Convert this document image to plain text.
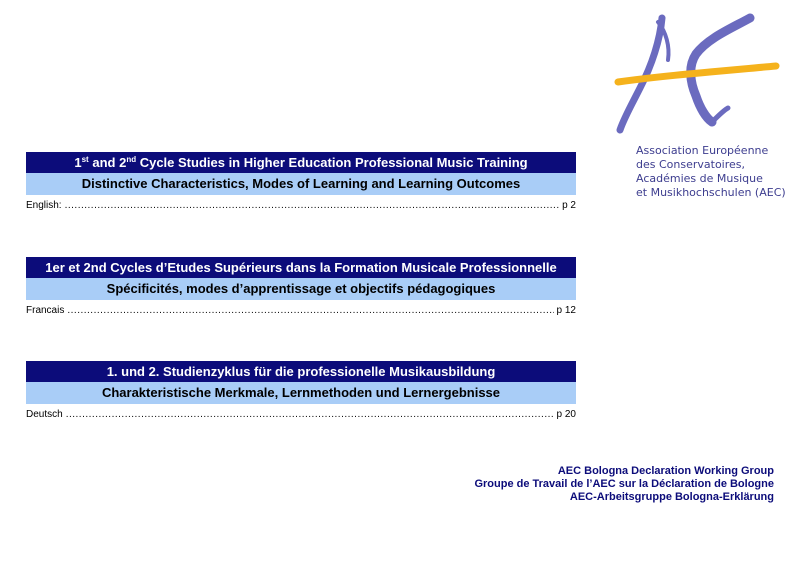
Association Européenne
des Conservatoires,
Académies de Musique
et Musikhochschulen (AEC)
1st and 2nd Cycle Studies in Higher Education Professional Music Training
Distinctive Characteristics, Modes of Learning and Learning Outcomes
English: .....	p 2
1er et 2nd Cycles d’Etudes Supérieurs dans la Formation Musicale Professionnelle
Spécificités, modes d’apprentissage et objectifs pédagogiques
Francais .....	p 12
1. und 2. Studienzyklus für die professionelle Musikausbildung
Charakteristische Merkmale, Lernmethoden und Lernergebnisse
Deutsch .....	p 20
AEC Bologna Declaration Working Group
Groupe de Travail de l’AEC sur la Déclaration de Bologne
AEC-Arbeitsgruppe Bologna-Erklärung
